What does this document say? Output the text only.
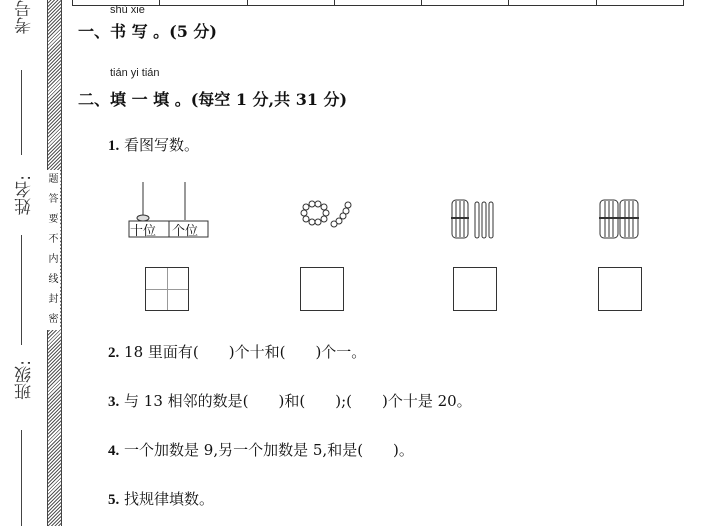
考号
姓名:
班级:
题
答
要
不
内
线
封
密
shù xie
一、书 写 。(5 分)
tián yi tián
二、填 一 填 。(每空 1 分,共 31 分)
1. 看图写数。
十位 个位
2. 18 里面有(　　)个十和(　　)个一。
3. 与 13 相邻的数是(　　)和(　　);(　　)个十是 20。
4. 一个加数是 9,另一个加数是 5,和是(　　)。
5. 找规律填数。
